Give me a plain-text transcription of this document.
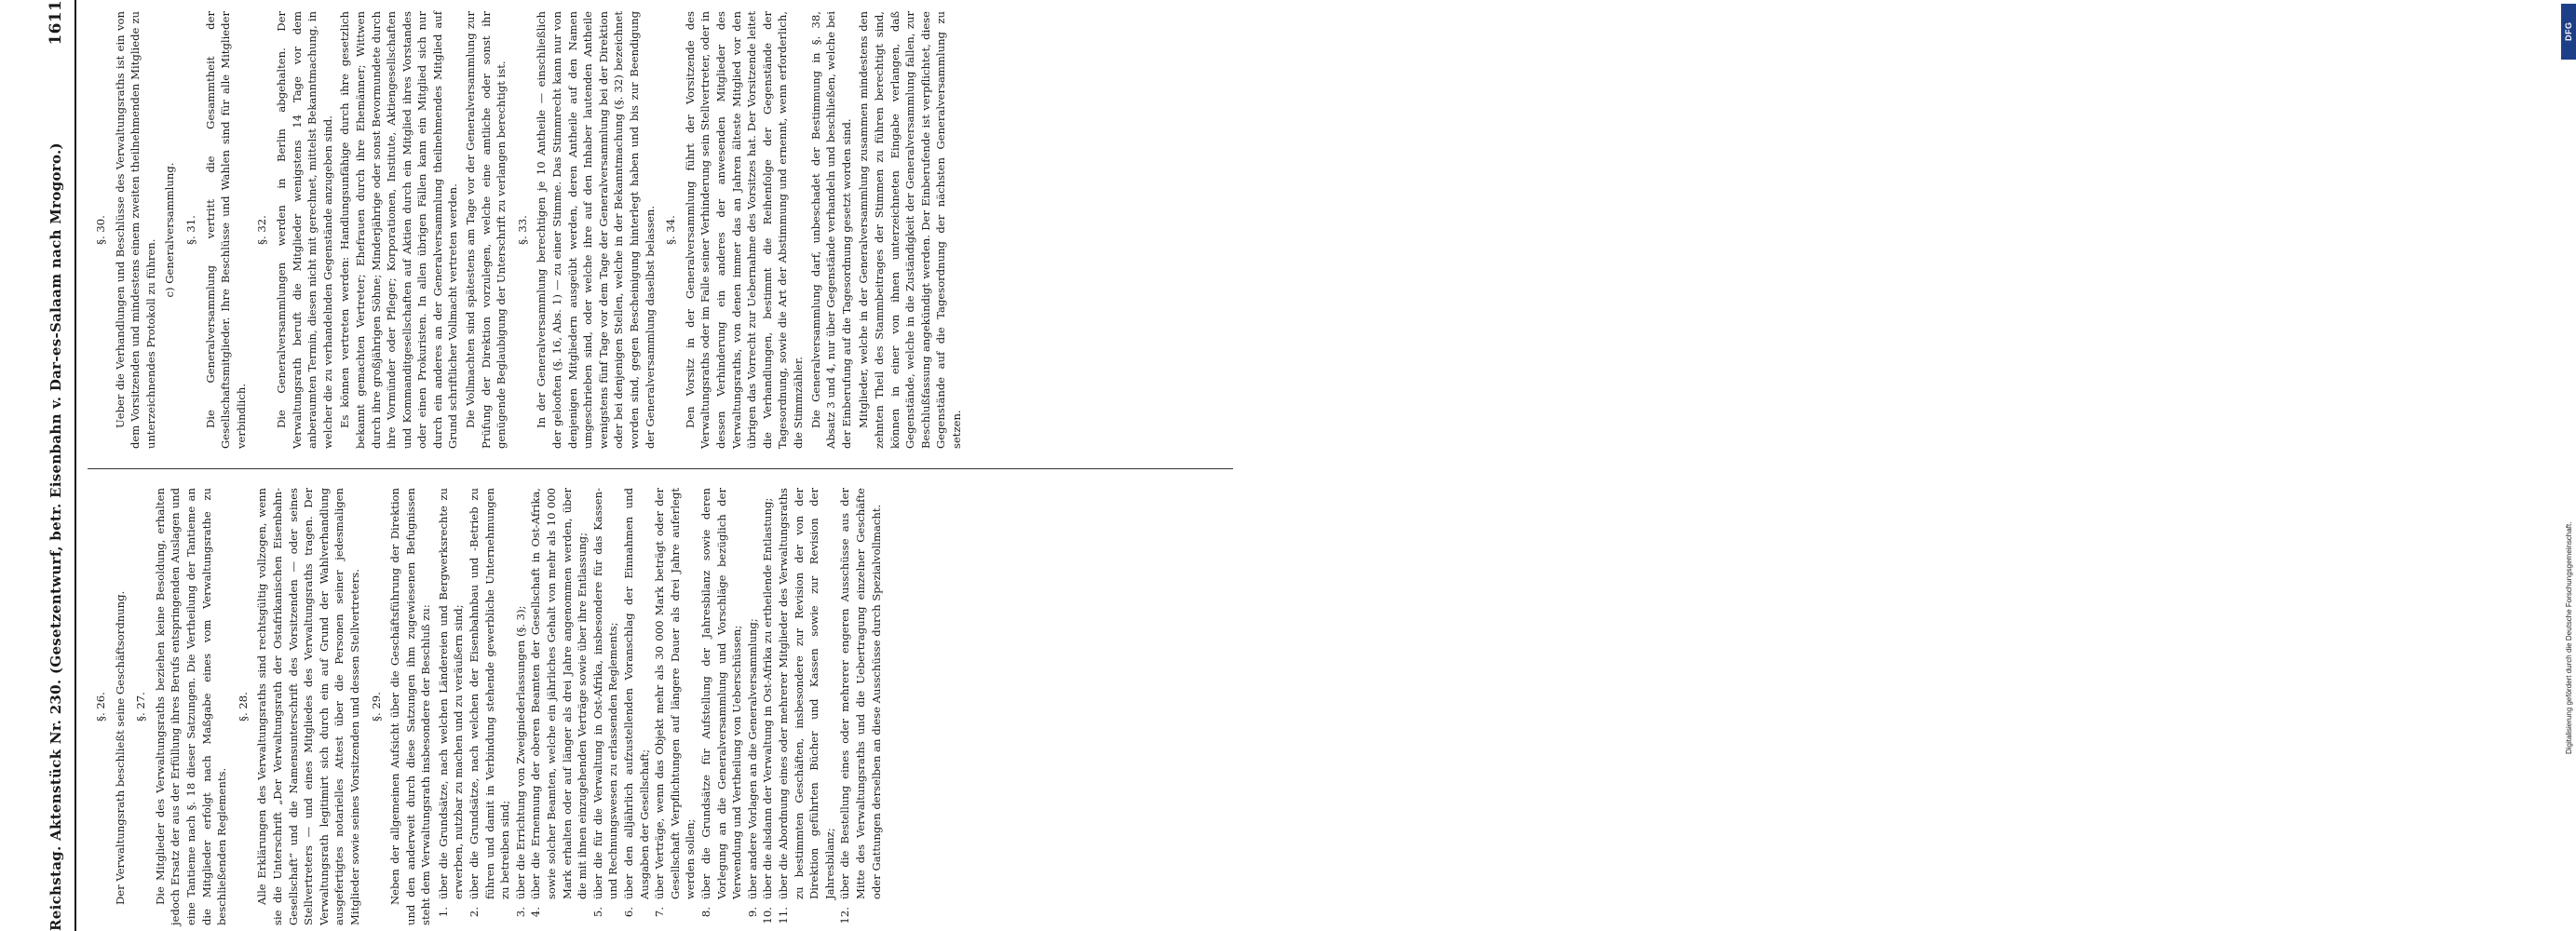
DFG
Digitalisierung gefördert durch die Deutsche Forschungsgemeinschaft.
Reichstag. Aktenstück Nr. 230. (Gesetzentwurf, betr. Eisenbahn v. Dar-es-Salaam nach Mrogoro.)
1611
§. 26. Der Verwaltungsrath beschließt seine Geschäftsordnung. §. 27. Die Mitglieder des Verwaltungsraths beziehen keine Besoldung, erhalten jedoch Ersatz der aus der Erfüllung ihres Berufs entspringenden Auslagen und eine Tantieme nach §. 18 dieser Satzungen. Die Vertheilung der Tantieme an die Mitglieder erfolgt nach Maßgabe eines vom Verwaltungsrathe zu beschließenden Reglements.

§. 28. Alle Erklärungen des Verwaltungsraths sind rechtsgültig vollzogen, wenn sie die Unterschrift „Der Verwaltungsrath der Ostafrikanischen Eisenbahn-Gesellschaft“ und die Namensunterschrift des Vorsitzenden — oder seines Stellvertreters — und eines Mitgliedes des Verwaltungsraths tragen. Der Verwaltungsrath legitimirt sich durch ein auf Grund der Wahlverhandlung ausgefertigtes notarielles Attest über die Personen seiner jedesmaligen Mitglieder sowie seines Vorsitzenden und dessen Stellvertreters. §. 29. Neben der allgemeinen Aufsicht über die Geschäftsführung der Direktion und den anderweit durch diese Satzungen ihm zugewiesenen Befugnissen steht dem Verwaltungsrath insbesondere der Beschluß zu: 1.
über die Grundsätze, nach welchen Ländereien und Bergwerksrechte zu erwerben, nutzbar zu machen und zu veräußern sind;
2.
über die Grundsätze, nach welchen der Eisenbahnbau und -Betrieb zu führen und damit in Verbindung stehende gewerbliche Unternehmungen zu betreiben sind;
3.
über die Errichtung von Zweigniederlassungen (§. 3);
4.
über die Ernennung der oberen Beamten der Gesellschaft in Ost-Afrika, sowie solcher Beamten, welche ein jährliches Gehalt von mehr als 10 000 Mark erhalten oder auf länger als drei Jahre angenommen werden, über die mit ihnen einzugehenden Verträge sowie über ihre Entlassung;
5.
über die für die Verwaltung in Ost-Afrika, insbesondere für das Kassen- und Rechnungswesen zu erlassenden Reglements;
6.
über den alljährlich aufzustellenden Voranschlag der Einnahmen und Ausgaben der Gesellschaft;
7.
über Verträge, wenn das Objekt mehr als 30 000 Mark beträgt oder der Gesellschaft Verpflichtungen auf längere Dauer als drei Jahre auferlegt werden sollen;
8.
über die Grundsätze für Aufstellung der Jahresbilanz sowie deren Vorlegung an die Generalversammlung und Vorschläge bezüglich der Verwendung und Vertheilung von Ueberschüssen;
9.
über andere Vorlagen an die Generalversammlung;
10.
über die alsdann der Verwaltung in Ost-Afrika zu ertheilende Entlastung;
11.
über die Abordnung eines oder mehrerer Mitglieder des Verwaltungsraths zu bestimmten Geschäften, insbesondere zur Revision der von der Direktion geführten Bücher und Kassen sowie zur Revision der Jahresbilanz;
12.
über die Bestellung eines oder mehrerer engeren Ausschüsse aus der Mitte des Verwaltungsraths und die Uebertragung einzelner Geschäfte oder Gattungen derselben an diese Ausschüsse durch Spezialvollmacht.
§. 30. Ueber die Verhandlungen und Beschlüsse des Verwaltungsraths ist ein von dem Vorsitzenden und mindestens einem zweiten theilnehmenden Mitgliede zu unterzeichnendes Protokoll zu führen.

c) Generalversammlung. §. 31. Die Generalversammlung vertritt die Gesammtheit der Gesellschaftsmitglieder. Ihre Beschlüsse und Wahlen sind für alle Mitglieder verbindlich.

§. 32. Die Generalversammlungen werden in Berlin abgehalten. Der Verwaltungsrath beruft die Mitglieder wenigstens 14 Tage vor dem anberaumten Termin, diesen nicht mit gerechnet, mittelst Bekanntmachung, in welcher die zu verhandelnden Gegenstände anzugeben sind. Es können vertreten werden: Handlungsunfähige durch ihre gesetzlich bekannt gemachten Vertreter; Ehefrauen durch ihre Ehemänner; Wittwen durch ihre großjährigen Söhne; Minderjährige oder sonst Bevormundete durch ihre Vormünder oder Pfleger; Korporationen, Institute, Aktiengesellschaften und Kommanditgesellschaften auf Aktien durch ein Mitglied ihres Vorstandes oder einen Prokuristen. In allen übrigen Fällen kann ein Mitglied sich nur durch ein anderes an der Generalversammlung theilnehmendes Mitglied auf Grund schriftlicher Vollmacht vertreten werden. Die Vollmachten sind spätestens am Tage vor der Generalversammlung zur Prüfung der Direktion vorzulegen, welche eine amtliche oder sonst ihr genügende Beglaubigung der Unterschrift zu verlangen berechtigt ist. §. 33. In der Generalversammlung berechtigen je 10 Antheile — einschließlich der gelooften (§. 16, Abs. 1) — zu einer Stimme. Das Stimmrecht kann nur von denjenigen Mitgliedern ausgeübt werden, deren Antheile auf den Namen umgeschrieben sind, oder welche ihre auf den Inhaber lautenden Antheile wenigstens fünf Tage vor dem Tage der Generalversammlung bei der Direktion oder bei denjenigen Stellen, welche in der Bekanntmachung (§. 32) bezeichnet worden sind, gegen Bescheinigung hinterlegt haben und bis zur Beendigung der Generalversammlung daselbst belassen. §. 34. Den Vorsitz in der Generalversammlung führt der Vorsitzende des Verwaltungsraths oder im Falle seiner Verhinderung sein Stellvertreter, oder in dessen Verhinderung ein anderes der anwesenden Mitglieder des Verwaltungsraths, von denen immer das an Jahren älteste Mitglied vor den übrigen das Vorrecht zur Uebernahme des Vorsitzes hat. Der Vorsitzende leitet die Verhandlungen, bestimmt die Reihenfolge der Gegenstände der Tagesordnung, sowie die Art der Abstimmung und ernennt, wenn erforderlich, die Stimmzähler. Die Generalversammlung darf, unbeschadet der Bestimmung in §. 38, Absatz 3 und 4, nur über Gegenstände verhandeln und beschließen, welche bei der Einberufung auf die Tagesordnung gesetzt worden sind. Mitglieder, welche in der Generalversammlung zusammen mindestens den zehnten Theil des Stammbeitrages der Stimmen zu führen berechtigt sind, können in einer von ihnen unterzeichneten Eingabe verlangen, daß Gegenstände, welche in die Zuständigkeit der Generalversammlung fallen, zur Beschlußfassung angekündigt werden. Der Einberufende ist verpflichtet, diese Gegenstände auf die Tagesordnung der nächsten Generalversammlung zu setzen.
